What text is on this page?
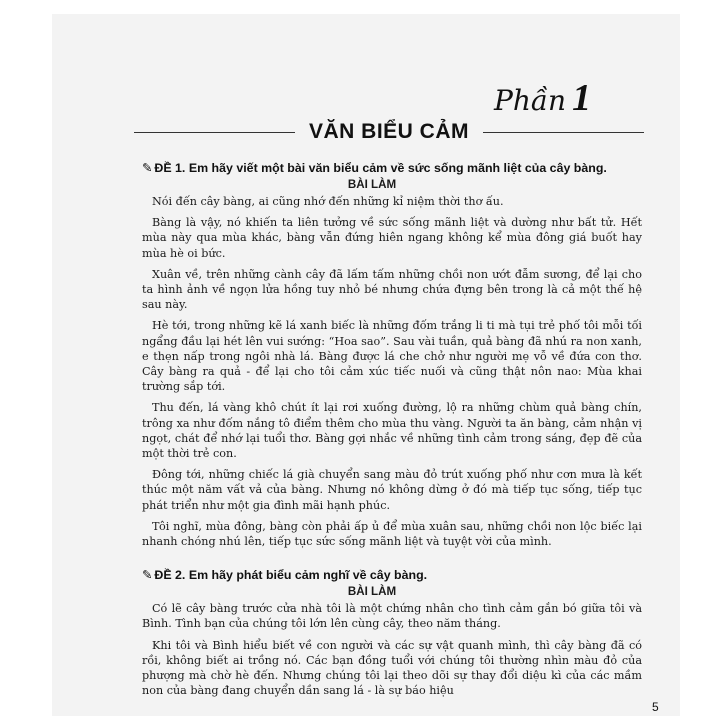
Phần 1
VĂN BIỂU CẢM

✎ ĐỀ 1. Em hãy viết một bài văn biểu cảm về sức sống mãnh liệt của cây bàng.

BÀI LÀM

Nói đến cây bàng, ai cũng nhớ đến những kỉ niệm thời thơ ấu.

Bàng là vậy, nó khiến ta liên tưởng về sức sống mãnh liệt và dường như bất tử. Hết mùa này qua mùa khác, bàng vẫn đứng hiên ngang không kể mùa đông giá buốt hay mùa hè oi bức.

Xuân về, trên những cành cây đã lấm tấm những chồi non ướt đẫm sương, để lại cho ta hình ảnh về ngọn lửa hồng tuy nhỏ bé nhưng chứa đựng bên trong là cả một thế hệ sau này.

Hè tới, trong những kẽ lá xanh biếc là những đốm trắng li ti mà tụi trẻ phố tôi mỗi tối ngẩng đầu lại hét lên vui sướng: “Hoa sao”. Sau vài tuần, quả bàng đã nhú ra non xanh, e thẹn nấp trong ngôi nhà lá. Bàng được lá che chở như người mẹ vỗ về đứa con thơ. Cây bàng ra quả - để lại cho tôi cảm xúc tiếc nuối và cũng thật nôn nao: Mùa khai trường sắp tới.

Thu đến, lá vàng khô chút ít lại rơi xuống đường, lộ ra những chùm quả bàng chín, trông xa như đốm nắng tô điểm thêm cho mùa thu vàng. Người ta ăn bàng, cảm nhận vị ngọt, chát để nhớ lại tuổi thơ. Bàng gợi nhắc về những tình cảm trong sáng, đẹp đẽ của một thời trẻ con.

Đông tới, những chiếc lá già chuyển sang màu đỏ trút xuống phố như cơn mưa là kết thúc một năm vất vả của bàng. Nhưng nó không dừng ở đó mà tiếp tục sống, tiếp tục phát triển như một gia đình mãi hạnh phúc.

Tôi nghĩ, mùa đông, bàng còn phải ấp ủ để mùa xuân sau, những chồi non lộc biếc lại nhanh chóng nhú lên, tiếp tục sức sống mãnh liệt và tuyệt vời của mình.

✎ ĐỀ 2. Em hãy phát biểu cảm nghĩ về cây bàng.

BÀI LÀM

Có lẽ cây bàng trước cửa nhà tôi là một chứng nhân cho tình cảm gắn bó giữa tôi và Bình. Tình bạn của chúng tôi lớn lên cùng cây, theo năm tháng.

Khi tôi và Bình hiểu biết về con người và các sự vật quanh mình, thì cây bàng đã có rồi, không biết ai trồng nó. Các bạn đồng tuổi với chúng tôi thường nhìn màu đỏ của phượng mà chờ hè đến. Nhưng chúng tôi lại theo dõi sự thay đổi diệu kì của các mầm non của bàng đang chuyển dần sang lá - là sự báo hiệu

5
